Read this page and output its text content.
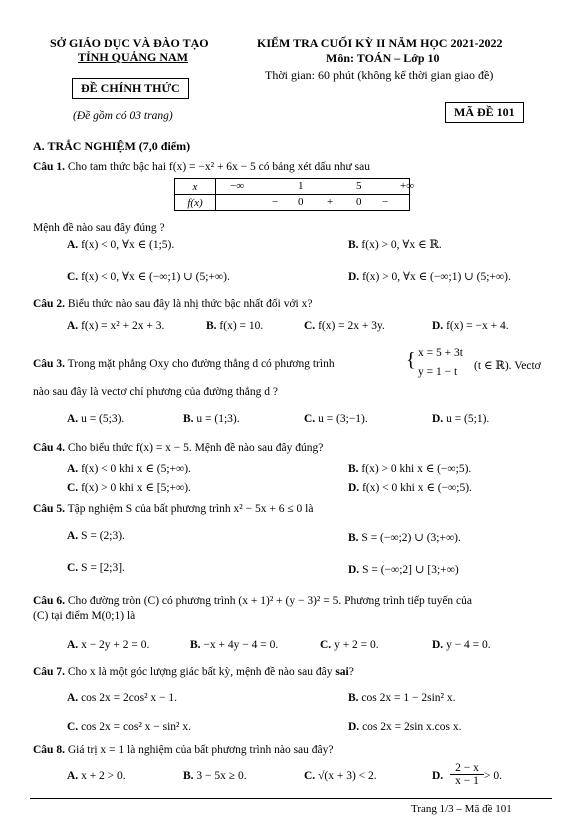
SỞ GIÁO DỤC VÀ ĐÀO TẠO
TỈNH QUẢNG NAM
ĐỀ CHÍNH THỨC
(Đề gồm có 03 trang)
KIỂM TRA CUỐI KỲ II NĂM HỌC 2021-2022
Môn: TOÁN – Lớp 10
Thời gian: 60 phút (không kể thời gian giao đề)
MÃ ĐỀ 101
A. TRẮC NGHIỆM (7,0 điểm)
Câu 1. Cho tam thức bậc hai f(x) = −x² + 6x − 5 có bảng xét dấu như sau
x	−∞ 1 5 +∞

f(x)	− 0 + 0 −
Mệnh đề nào sau đây đúng ?
A. f(x) < 0, ∀x ∈ (1;5).	B. f(x) > 0, ∀x ∈ ℝ.
C. f(x) < 0, ∀x ∈ (−∞;1) ∪ (5;+∞).	D. f(x) > 0, ∀x ∈ (−∞;1) ∪ (5;+∞).
Câu 2. Biểu thức nào sau đây là nhị thức bậc nhất đối với x?
A. f(x) = x² + 2x + 3.	B. f(x) = 10.	C. f(x) = 2x + 3y.	D. f(x) = −x + 4.
Câu 3. Trong mặt phẳng Oxy cho đường thẳng d có phương trình	{ x = 5 + 3t
y = 1 − t (t ∈ ℝ). Vectơ
nào sau đây là vectơ chỉ phương của đường thẳng d ?
A. u = (5;3).	B. u = (1;3).	C. u = (3;−1).	D. u = (5;1).
Câu 4. Cho biểu thức f(x) = x − 5. Mệnh đề nào sau đây đúng?
A. f(x) < 0 khi x ∈ (5;+∞).	B. f(x) > 0 khi x ∈ (−∞;5).
C. f(x) > 0 khi x ∈ [5;+∞).	D. f(x) < 0 khi x ∈ (−∞;5).
Câu 5. Tập nghiệm S của bất phương trình x² − 5x + 6 ≤ 0 là
A. S = (2;3).	B. S = (−∞;2) ∪ (3;+∞).
C. S = [2;3].	D. S = (−∞;2] ∪ [3;+∞)
Câu 6. Cho đường tròn (C) có phương trình (x + 1)² + (y − 3)² = 5. Phương trình tiếp tuyến của
(C) tại điểm M(0;1) là
A. x − 2y + 2 = 0.	B. −x + 4y − 4 = 0.	C. y + 2 = 0.	D. y − 4 = 0.
Câu 7. Cho x là một góc lượng giác bất kỳ, mệnh đề nào sau đây sai?
A. cos 2x = 2cos² x − 1.	B. cos 2x = 1 − 2sin² x.
C. cos 2x = cos² x − sin² x.	D. cos 2x = 2sin x.cos x.
Câu 8. Giá trị x = 1 là nghiệm của bất phương trình nào sau đây?
A. x + 2 > 0.	B. 3 − 5x ≥ 0.	C. √(x + 3) < 2.	D. $\frac{2 - x}{x - 1} > 0$.
Trang 1/3 – Mã đề 101
